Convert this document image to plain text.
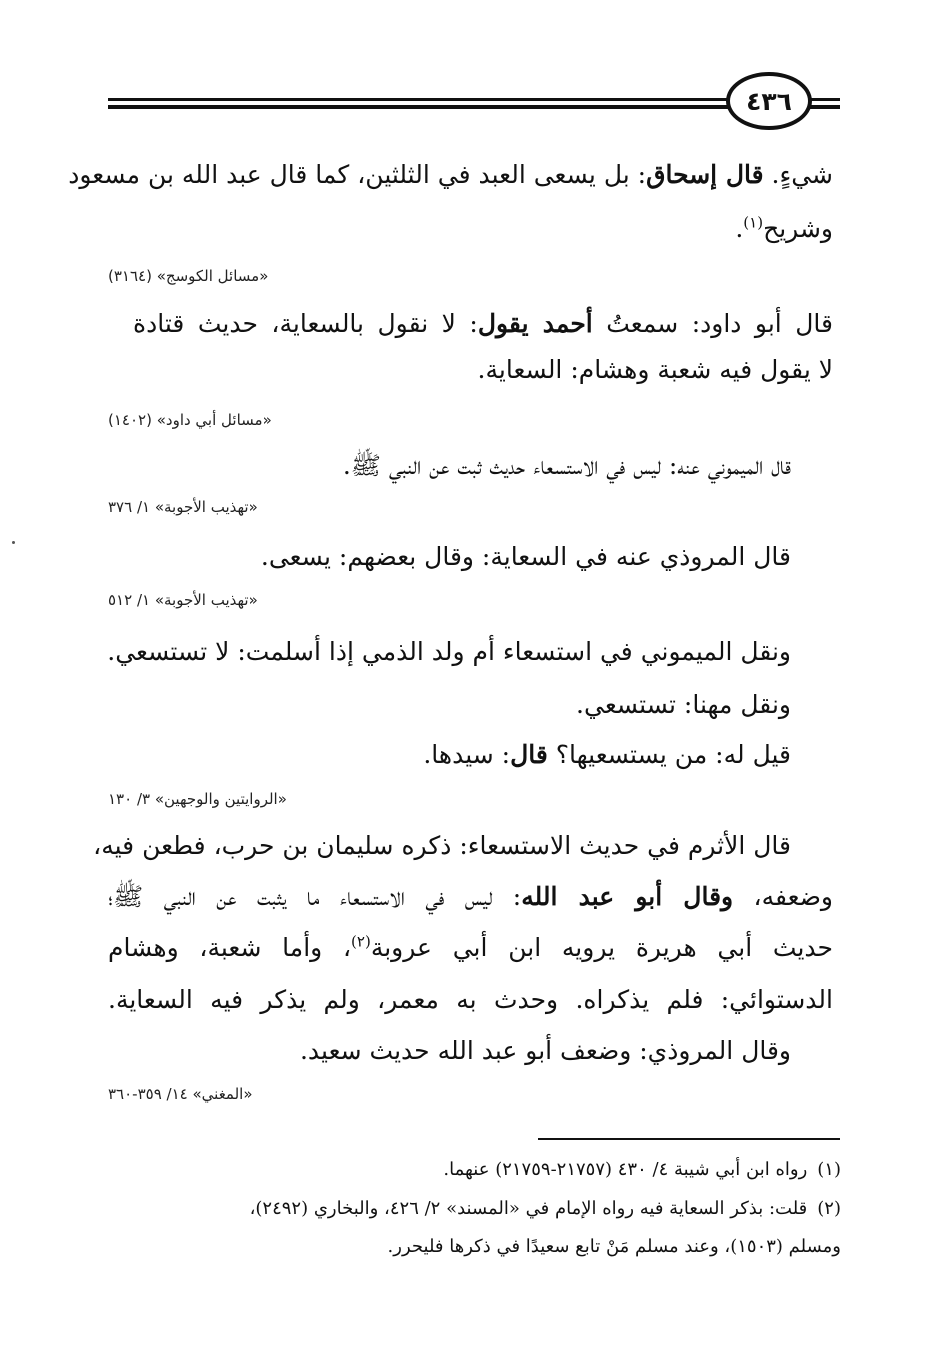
٤٣٦
شيءٍ. قال إسحاق: بل يسعى العبد في الثلثين، كما قال عبد الله بن مسعود
وشريح$^{(١)}$.
«مسائل الكوسج» (٣١٦٤)
قال أبو داود: سمعتُ أحمد يقول: لا نقول بالسعاية، حديث قتادة
لا يقول فيه شعبة وهشام: السعاية.
«مسائل أبي داود» (١٤٠٢)
قال الميموني عنه: ليس في الاستسعاء حديث ثبت عن النبي ﷺ.
«تهذيب الأجوبة» ١/ ٣٧٦
قال المروذي عنه في السعاية: وقال بعضهم: يسعى.
«تهذيب الأجوبة» ١/ ٥١٢
ونقل الميموني في استسعاء أم ولد الذمي إذا أسلمت: لا تستسعي.
ونقل مهنا: تستسعي.
قيل له: من يستسعيها؟ قال: سيدها.
«الروايتين والوجهين» ٣/ ١٣٠
قال الأثرم في حديث الاستسعاء: ذكره سليمان بن حرب، فطعن فيه،
وضعفه، وقال أبو عبد الله: ليس في الاستسعاء ما يثبت عن النبي ﷺ؛
حديث أبي هريرة يرويه ابن أبي عروبة$^{(٢)}$، وأما شعبة، وهشام
الدستوائي: فلم يذكراه. وحدث به معمر، ولم يذكر فيه السعاية.
وقال المروذي: وضعف أبو عبد الله حديث سعيد.
«المغني» ١٤/ ٣٥٩-٣٦٠
(١)رواه ابن أبي شيبة ٤/ ٤٣٠ (٢١٧٥٧-٢١٧٥٩) عنهما.
(٢)قلت: بذكر السعاية فيه رواه الإمام في «المسند» ٢/ ٤٢٦، والبخاري (٢٤٩٢)،
ومسلم (١٥٠٣)، وعند مسلم مَنْ تابع سعيدًا في ذكرها فليحرر.
